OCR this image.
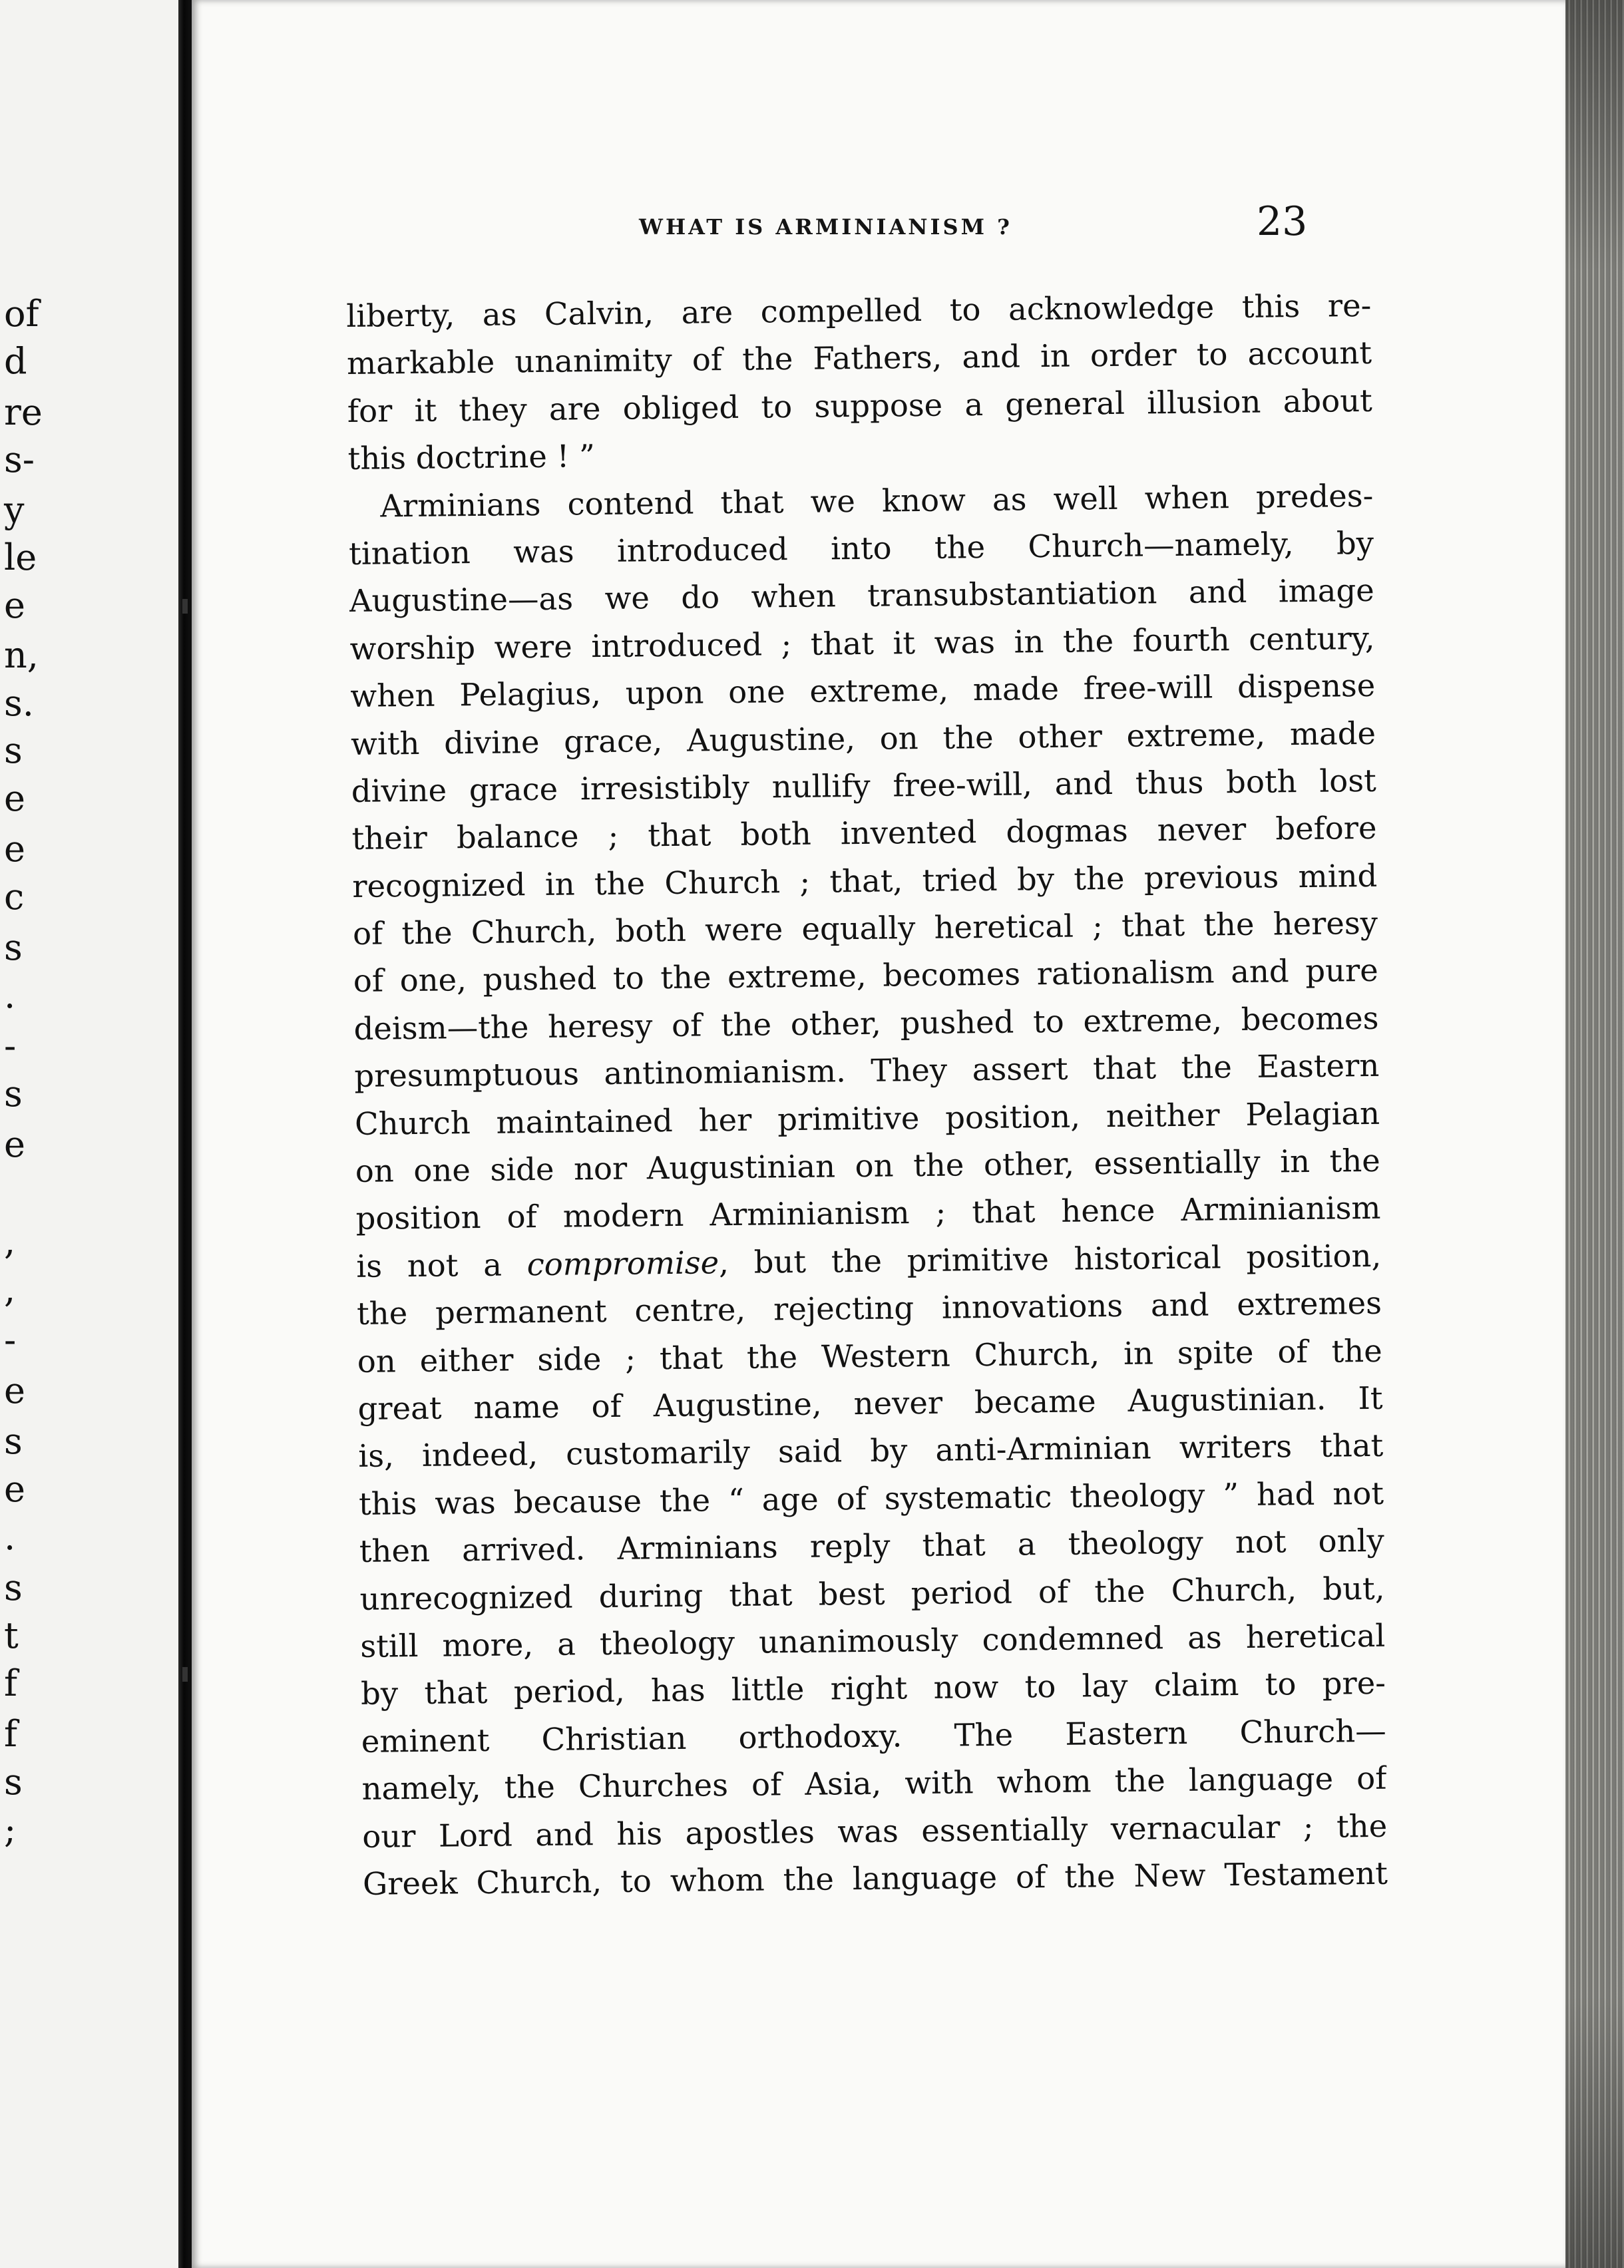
of
d
re
s-
y
le
e
n,
s.
s
e
e
c
s
.
-
s
e
,
,
-
e
s
e
.
s
t
f
f
s
;
WHAT IS ARMINIANISM ?	23
liberty, as Calvin, are compelled to acknowledge this re-
markable unanimity of the Fathers, and in order to account
for it they are obliged to suppose a general illusion about
this doctrine ! ”
Arminians contend that we know as well when predes-
tination was introduced into the Church—namely, by
Augustine—as we do when transubstantiation and image
worship were introduced ; that it was in the fourth century,
when Pelagius, upon one extreme, made free-will dispense
with divine grace, Augustine, on the other extreme, made
divine grace irresistibly nullify free-will, and thus both lost
their balance ; that both invented dogmas never before
recognized in the Church ; that, tried by the previous mind
of the Church, both were equally heretical ; that the heresy
of one, pushed to the extreme, becomes rationalism and pure
deism—the heresy of the other, pushed to extreme, becomes
presumptuous antinomianism. They assert that the Eastern
Church maintained her primitive position, neither Pelagian
on one side nor Augustinian on the other, essentially in the
position of modern Arminianism ; that hence Arminianism
is not a compromise, but the primitive historical position,
the permanent centre, rejecting innovations and extremes
on either side ; that the Western Church, in spite of the
great name of Augustine, never became Augustinian. It
is, indeed, customarily said by anti-Arminian writers that
this was because the “ age of systematic theology ” had not
then arrived. Arminians reply that a theology not only
unrecognized during that best period of the Church, but,
still more, a theology unanimously condemned as heretical
by that period, has little right now to lay claim to pre-
eminent Christian orthodoxy. The Eastern Church—
namely, the Churches of Asia, with whom the language of
our Lord and his apostles was essentially vernacular ; the
Greek Church, to whom the language of the New Testament
